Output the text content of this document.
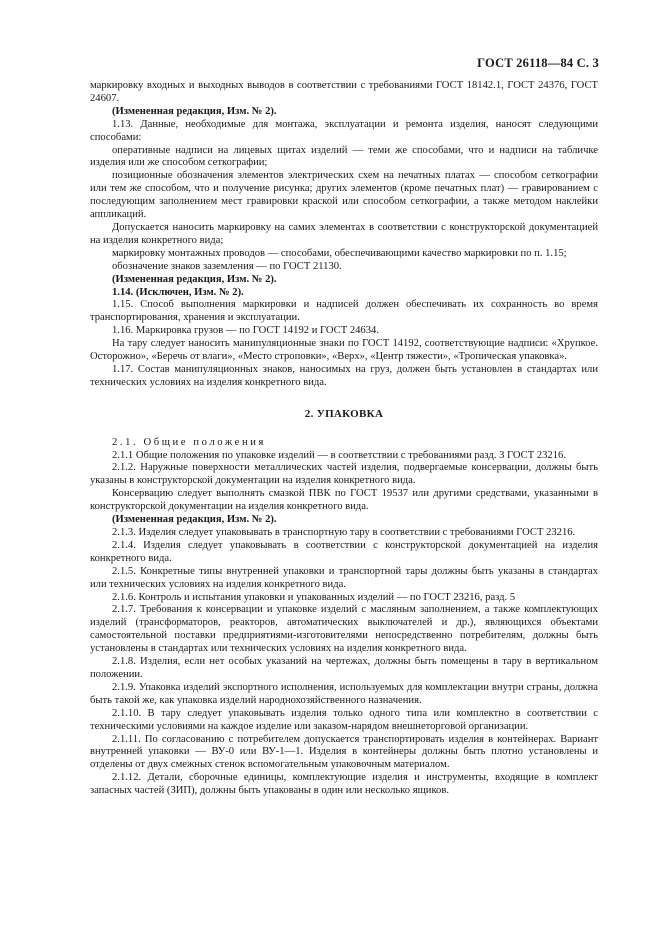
ГОСТ 26118—84 С. 3

маркировку входных и выходных выводов в соответствии с требованиями ГОСТ 18142.1, ГОСТ 24376, ГОСТ 24607.

(Измененная редакция, Изм. № 2).

1.13. Данные, необходимые для монтажа, эксплуатации и ремонта изделия, наносят следующими способами:

оперативные надписи на лицевых щитах изделий — теми же способами, что и надписи на табличке изделия или же способом сеткографии;

позиционные обозначения элементов электрических схем на печатных платах — способом сеткографии или тем же способом, что и получение рисунка; других элементов (кроме печатных плат) — гравированием с последующим заполнением мест гравировки краской или способом сеткографии, а также методом наклейки аппликаций.

Допускается наносить маркировку на самих элементах в соответствии с конструкторской документацией на изделия конкретного вида;

маркировку монтажных проводов — способами, обеспечивающими качество маркировки по п. 1.15;

обозначение знаков заземления — по ГОСТ 21130.

(Измененная редакция, Изм. № 2).

1.14. (Исключен, Изм. № 2).

1.15. Способ выполнения маркировки и надписей должен обеспечивать их сохранность во время транспортирования, хранения и эксплуатации.

1.16. Маркировка грузов — по ГОСТ 14192 и ГОСТ 24634.

На тару следует наносить манипуляционные знаки по ГОСТ 14192, соответствующие надписи: «Хрупкое. Осторожно», «Беречь от влаги», «Место строповки», «Верх», «Центр тяжести», «Тропическая упаковка».

1.17. Состав манипуляционных знаков, наносимых на груз, должен быть установлен в стандартах или технических условиях на изделия конкретного вида.

2. УПАКОВКА

2.1. Общие положения

2.1.1 Общие положения по упаковке изделий — в соответствии с требованиями разд. 3 ГОСТ 23216.

2.1.2. Наружные поверхности металлических частей изделия, подвергаемые консервации, должны быть указаны в конструкторской документации на изделия конкретного вида.

Консервацию следует выполнять смазкой ПВК по ГОСТ 19537 или другими средствами, указанными в конструкторской документации на изделия конкретного вида.

(Измененная редакция, Изм. № 2).

2.1.3. Изделия следует упаковывать в транспортную тару в соответствии с требованиями ГОСТ 23216.

2.1.4. Изделия следует упаковывать в соответствии с конструкторской документацией на изделия конкретного вида.

2.1.5. Конкретные типы внутренней упаковки и транспортной тары должны быть указаны в стандартах или технических условиях на изделия конкретного вида.

2.1.6. Контроль и испытания упаковки и упакованных изделий — по ГОСТ 23216, разд. 5

2.1.7. Требования к консервации и упаковке изделий с масляным заполнением, а также комплектующих изделий (трансформаторов, реакторов, автоматических выключателей и др.), являющихся объектами самостоятельной поставки предприятиями-изготовителями непосредственно потребителям, должны быть установлены в стандартах или технических условиях на изделия конкретного вида.

2.1.8. Изделия, если нет особых указаний на чертежах, должны быть помещены в тару в вертикальном положении.

2.1.9. Упаковка изделий экспортного исполнения, используемых для комплектации внутри страны, должна быть такой же, как упаковка изделий народнохозяйственного назначения.

2.1.10. В тару следует упаковывать изделия только одного типа или комплектно в соответствии с техническими условиями на каждое изделие или заказом-нарядом внешнеторговой организации.

2.1.11. По согласованию с потребителем допускается транспортировать изделия в контейнерах. Вариант внутренней упаковки — ВУ-0 или ВУ-1—1. Изделия в контейнеры должны быть плотно установлены и отделены от двух смежных стенок вспомогательным упаковочным материалом.

2.1.12. Детали, сборочные единицы, комплектующие изделия и инструменты, входящие в комплект запасных частей (ЗИП), должны быть упакованы в один или несколько ящиков.
